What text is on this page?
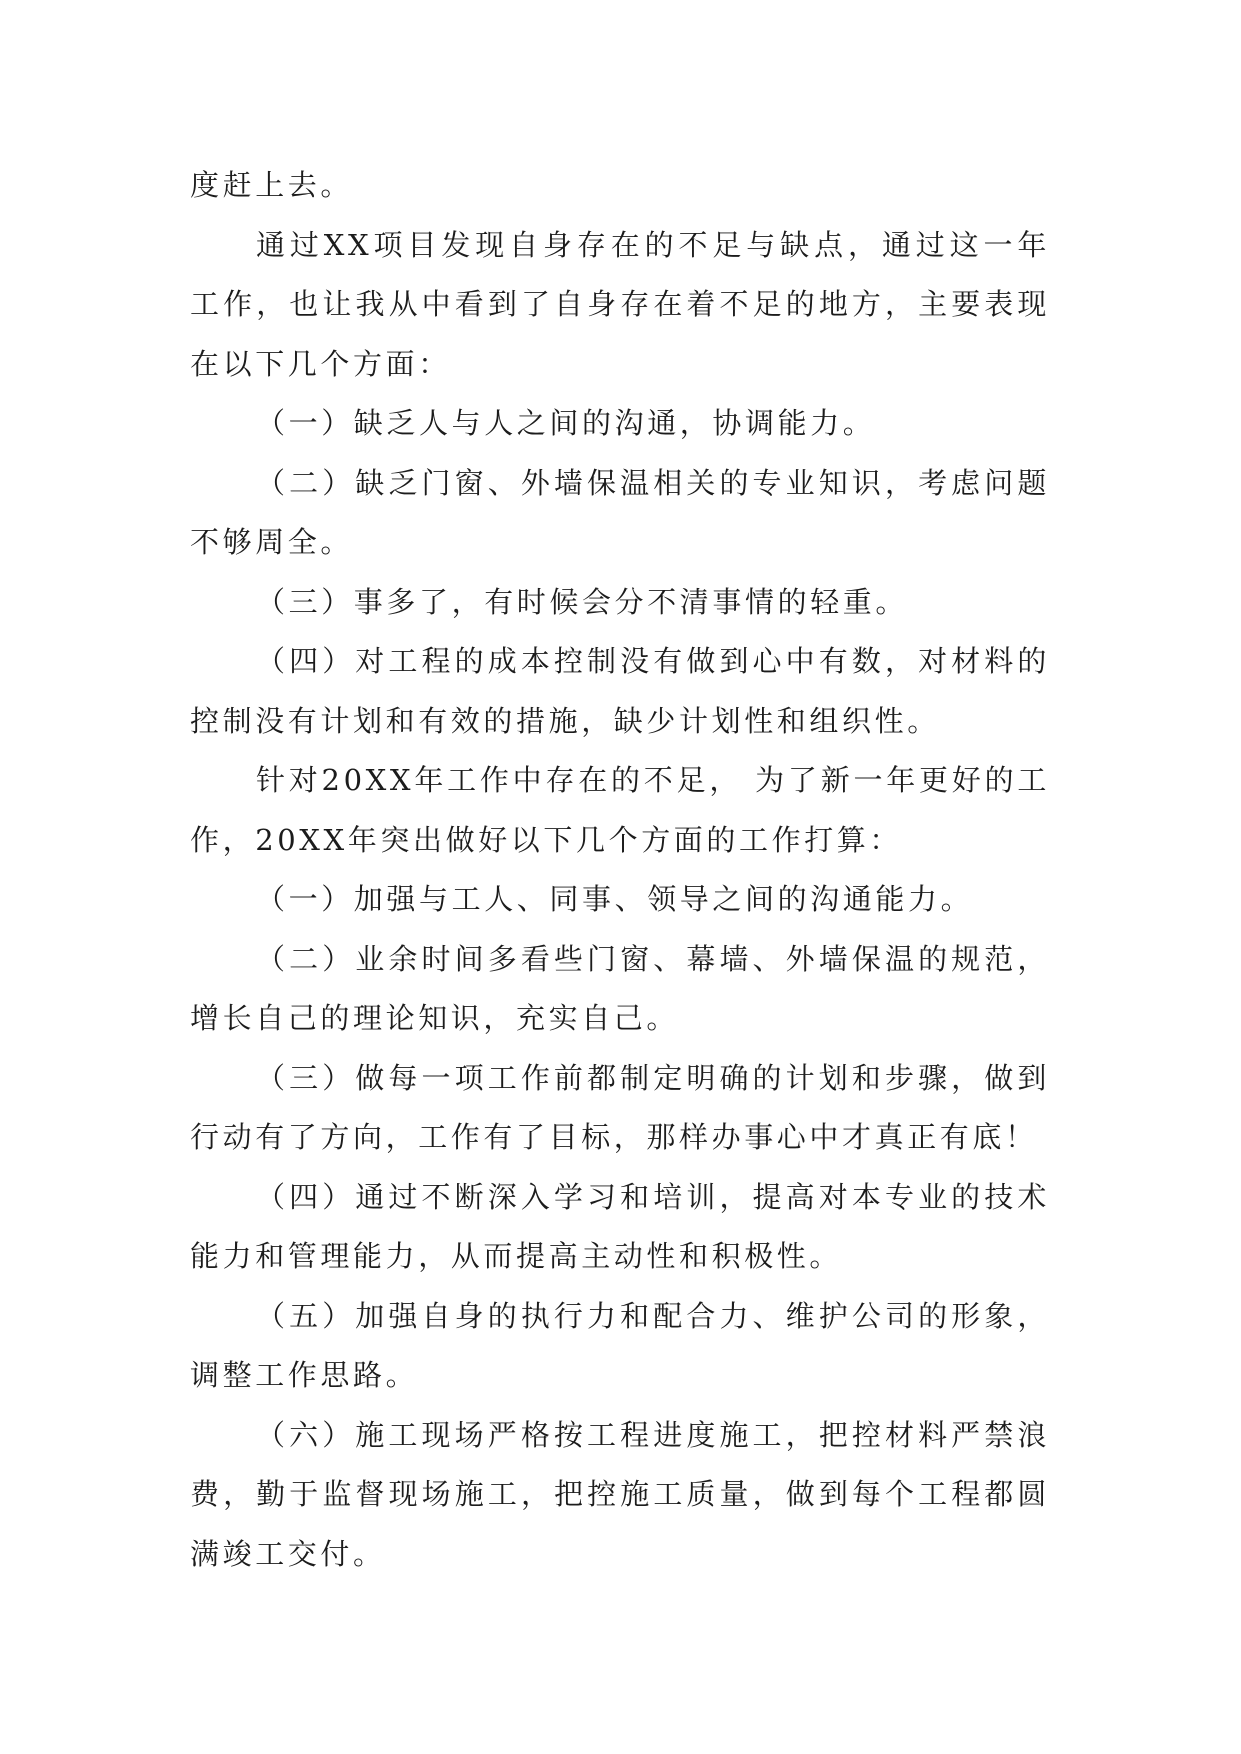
度赶上去。

通过XX项目发现自身存在的不足与缺点，通过这一年工作，也让我从中看到了自身存在着不足的地方，主要表现在以下几个方面：

（一）缺乏人与人之间的沟通，协调能力。

（二）缺乏门窗、外墙保温相关的专业知识，考虑问题不够周全。

（三）事多了，有时候会分不清事情的轻重。

（四）对工程的成本控制没有做到心中有数，对材料的控制没有计划和有效的措施，缺少计划性和组织性。

针对20XX年工作中存在的不足， 为了新一年更好的工作，20XX年突出做好以下几个方面的工作打算：

（一）加强与工人、同事、领导之间的沟通能力。

（二）业余时间多看些门窗、幕墙、外墙保温的规范，增长自己的理论知识，充实自己。

（三）做每一项工作前都制定明确的计划和步骤，做到行动有了方向，工作有了目标，那样办事心中才真正有底！

（四）通过不断深入学习和培训，提高对本专业的技术能力和管理能力，从而提高主动性和积极性。

（五）加强自身的执行力和配合力、维护公司的形象，调整工作思路。

（六）施工现场严格按工程进度施工，把控材料严禁浪费，勤于监督现场施工，把控施工质量，做到每个工程都圆满竣工交付。
